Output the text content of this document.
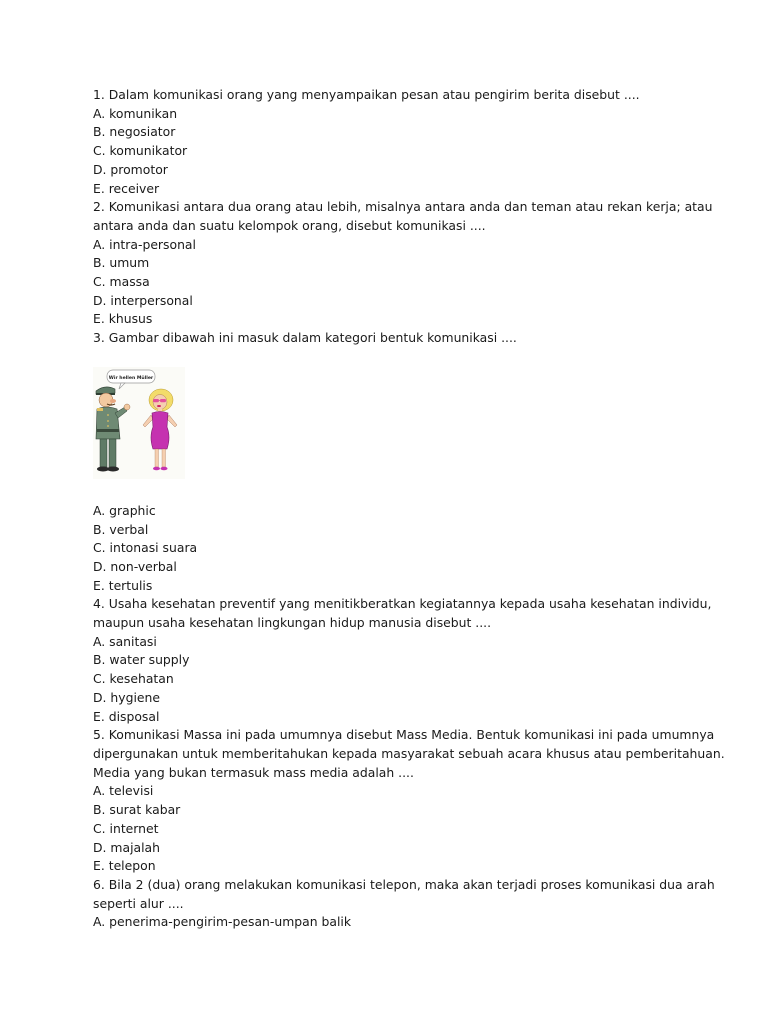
1. Dalam komunikasi orang yang menyampaikan pesan atau pengirim berita disebut ....
A. komunikan
B. negosiator
C. komunikator
D. promotor
E. receiver
2. Komunikasi antara dua orang atau lebih, misalnya antara anda dan teman atau rekan kerja; atau
antara anda dan suatu kelompok orang, disebut komunikasi ....
A. intra-personal
B. umum
C. massa
D. interpersonal
E. khusus
3. Gambar dibawah ini masuk dalam kategori bentuk komunikasi ....
Wir hellen Müller
A. graphic
B. verbal
C. intonasi suara
D. non-verbal
E. tertulis
4. Usaha kesehatan preventif yang menitikberatkan kegiatannya kepada usaha kesehatan individu,
maupun usaha kesehatan lingkungan hidup manusia disebut ....
A. sanitasi
B. water supply
C. kesehatan
D. hygiene
E. disposal
5. Komunikasi Massa ini pada umumnya disebut Mass Media. Bentuk komunikasi ini pada umumnya
dipergunakan untuk memberitahukan kepada masyarakat sebuah acara khusus atau pemberitahuan.
Media yang bukan termasuk mass media adalah ....
A. televisi
B. surat kabar
C. internet
D. majalah
E. telepon
6. Bila 2 (dua) orang melakukan komunikasi telepon, maka akan terjadi proses komunikasi dua arah
seperti alur ....
A. penerima-pengirim-pesan-umpan balik
